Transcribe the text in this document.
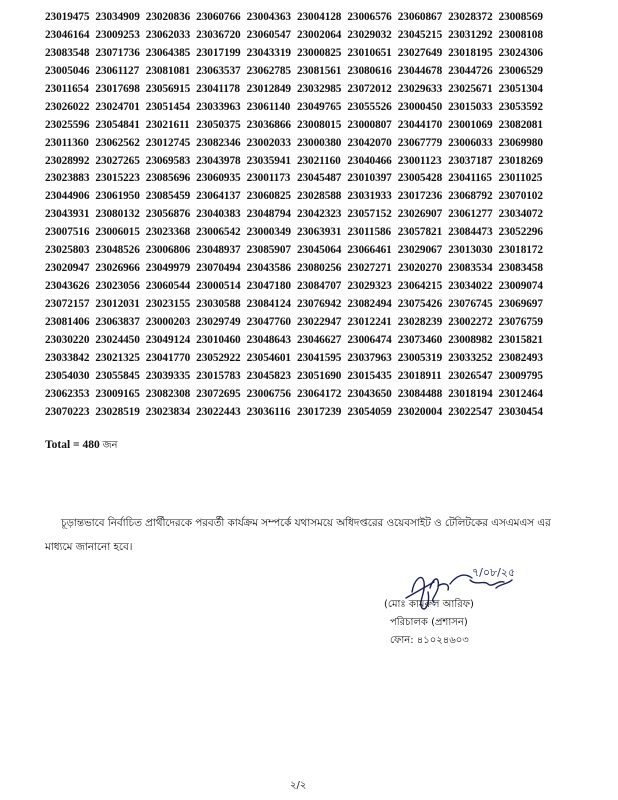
23019475 23034909 23020836 23060766 23004363 23004128 23006576 23060867 23028372 23008569
23046164 23009253 23062033 23036720 23060547 23002064 23029032 23045215 23031292 23008108
23083548 23071736 23064385 23017199 23043319 23000825 23010651 23027649 23018195 23024306
23005046 23061127 23081081 23063537 23062785 23081561 23080616 23044678 23044726 23006529
23011654 23017698 23056915 23041178 23012849 23032985 23072012 23029633 23025671 23051304
23026022 23024701 23051454 23033963 23061140 23049765 23055526 23000450 23015033 23053592
23025596 23054841 23021611 23050375 23036866 23008015 23000807 23044170 23001069 23082081
23011360 23062562 23012745 23082346 23002033 23000380 23042070 23067779 23006033 23069980
23028992 23027265 23069583 23043978 23035941 23021160 23040466 23001123 23037187 23018269
23023883 23015223 23085696 23060935 23001173 23045487 23010397 23005428 23041165 23011025
23044906 23061950 23085459 23064137 23060825 23028588 23031933 23017236 23068792 23070102
23043931 23080132 23056876 23040383 23048794 23042323 23057152 23026907 23061277 23034072
23007516 23006015 23023368 23006542 23000349 23063931 23011586 23057821 23084473 23052296
23025803 23048526 23006806 23048937 23085907 23045064 23066461 23029067 23013030 23018172
23020947 23026966 23049979 23070494 23043586 23080256 23027271 23020270 23083534 23083458
23043626 23023056 23060544 23000514 23047180 23084707 23029323 23064215 23034022 23009074
23072157 23012031 23023155 23030588 23084124 23076942 23082494 23075426 23076745 23069697
23081406 23063837 23000203 23029749 23047760 23022947 23012241 23028239 23002272 23076759
23030220 23024450 23049124 23010460 23048643 23046627 23006474 23073460 23008982 23015821
23033842 23021325 23041770 23052922 23054601 23041595 23037963 23005319 23033252 23082493
23054030 23055845 23039335 23015783 23045823 23051690 23015435 23018911 23026547 23009795
23062353 23009165 23082308 23072695 23006756 23064172 23043650 23084488 23018194 23012464
23070223 23028519 23023834 23022443 23036116 23017239 23054059 23020004 23022547 23030454
Total = 480 জন
চূড়ান্তভাবে নির্বাচিত প্রার্থীদেরকে পরবর্তী কার্যক্রম সম্পর্কে যথাসময়ে অধিদপ্তরের ওয়েবসাইট ও টেলিটকের এসএমএস এর মাধ্যমে জানানো হবে।
৭/০৮/২৫
(মোঃ কামরুল আরিফ)
পরিচালক (প্রশাসন)
ফোন: ৪১০২৪৬০৩
২/২
